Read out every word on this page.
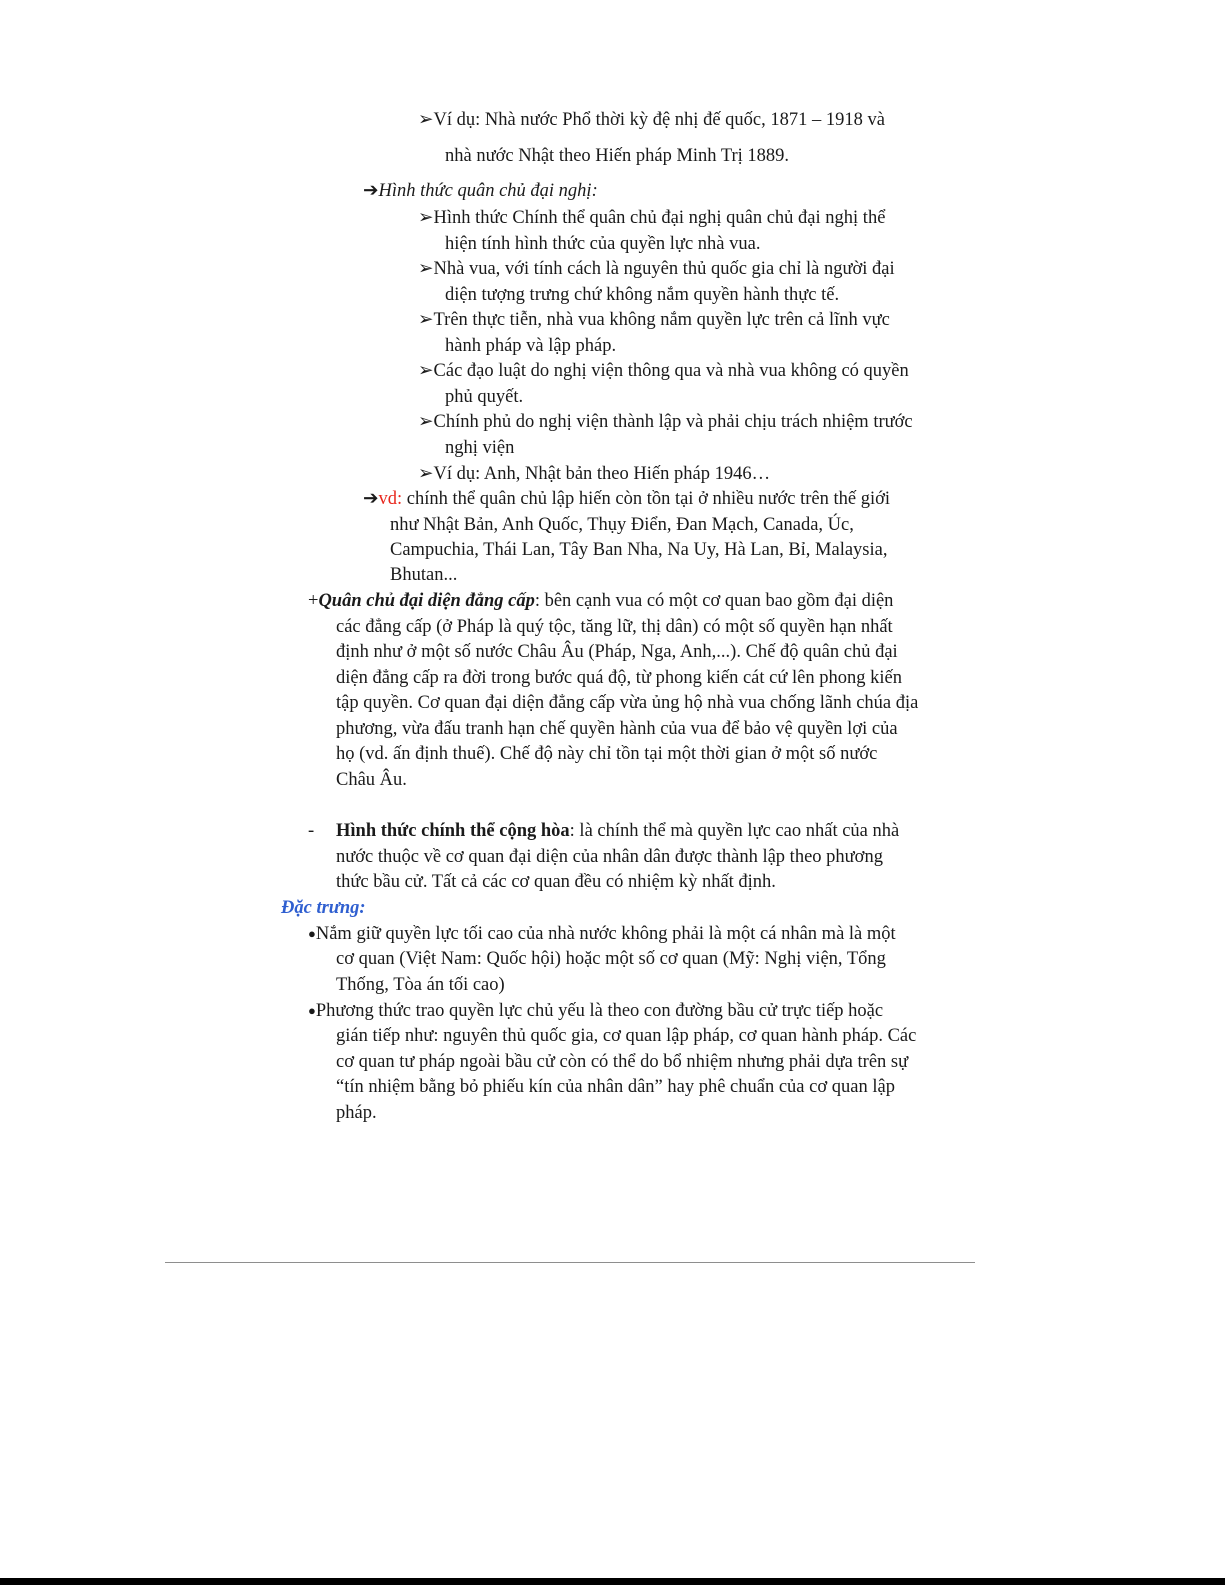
➢Ví dụ: Nhà nước Phổ thời kỳ đệ nhị đế quốc, 1871 – 1918 và
nhà nước Nhật theo Hiến pháp Minh Trị 1889.
➔Hình thức quân chủ đại nghị:
➢Hình thức Chính thể quân chủ đại nghị quân chủ đại nghị thể
hiện tính hình thức của quyền lực nhà vua.
➢Nhà vua, với tính cách là nguyên thủ quốc gia chỉ là người đại
diện tượng trưng chứ không nắm quyền hành thực tế.
➢Trên thực tiễn, nhà vua không nắm quyền lực trên cả lĩnh vực
hành pháp và lập pháp.
➢Các đạo luật do nghị viện thông qua và nhà vua không có quyền
phủ quyết.
➢Chính phủ do nghị viện thành lập và phải chịu trách nhiệm trước
nghị viện
➢Ví dụ: Anh, Nhật bản theo Hiến pháp 1946…
➔vd: chính thể quân chủ lập hiến còn tồn tại ở nhiều nước trên thế giới
như Nhật Bản, Anh Quốc, Thụy Điển, Đan Mạch, Canada, Úc,
Campuchia, Thái Lan, Tây Ban Nha, Na Uy, Hà Lan, Bỉ, Malaysia,
Bhutan...
+Quân chủ đại diện đẳng cấp: bên cạnh vua có một cơ quan bao gồm đại diện
các đẳng cấp (ở Pháp là quý tộc, tăng lữ, thị dân) có một số quyền hạn nhất
định như ở một số nước Châu Âu (Pháp, Nga, Anh,...). Chế độ quân chủ đại
diện đẳng cấp ra đời trong bước quá độ, từ phong kiến cát cứ lên phong kiến
tập quyền. Cơ quan đại diện đẳng cấp vừa ủng hộ nhà vua chống lãnh chúa địa
phương, vừa đấu tranh hạn chế quyền hành của vua để bảo vệ quyền lợi của
họ (vd. ấn định thuế). Chế độ này chỉ tồn tại một thời gian ở một số nước
Châu Âu.
- Hình thức chính thể cộng hòa: là chính thể mà quyền lực cao nhất của nhà
nước thuộc về cơ quan đại diện của nhân dân được thành lập theo phương
thức bầu cử. Tất cả các cơ quan đều có nhiệm kỳ nhất định.
Đặc trưng:
●Nắm giữ quyền lực tối cao của nhà nước không phải là một cá nhân mà là một
cơ quan (Việt Nam: Quốc hội) hoặc một số cơ quan (Mỹ: Nghị viện, Tổng
Thống, Tòa án tối cao)
●Phương thức trao quyền lực chủ yếu là theo con đường bầu cử trực tiếp hoặc
gián tiếp như: nguyên thủ quốc gia, cơ quan lập pháp, cơ quan hành pháp. Các
cơ quan tư pháp ngoài bầu cử còn có thể do bổ nhiệm nhưng phải dựa trên sự
“tín nhiệm bằng bỏ phiếu kín của nhân dân” hay phê chuẩn của cơ quan lập
pháp.
